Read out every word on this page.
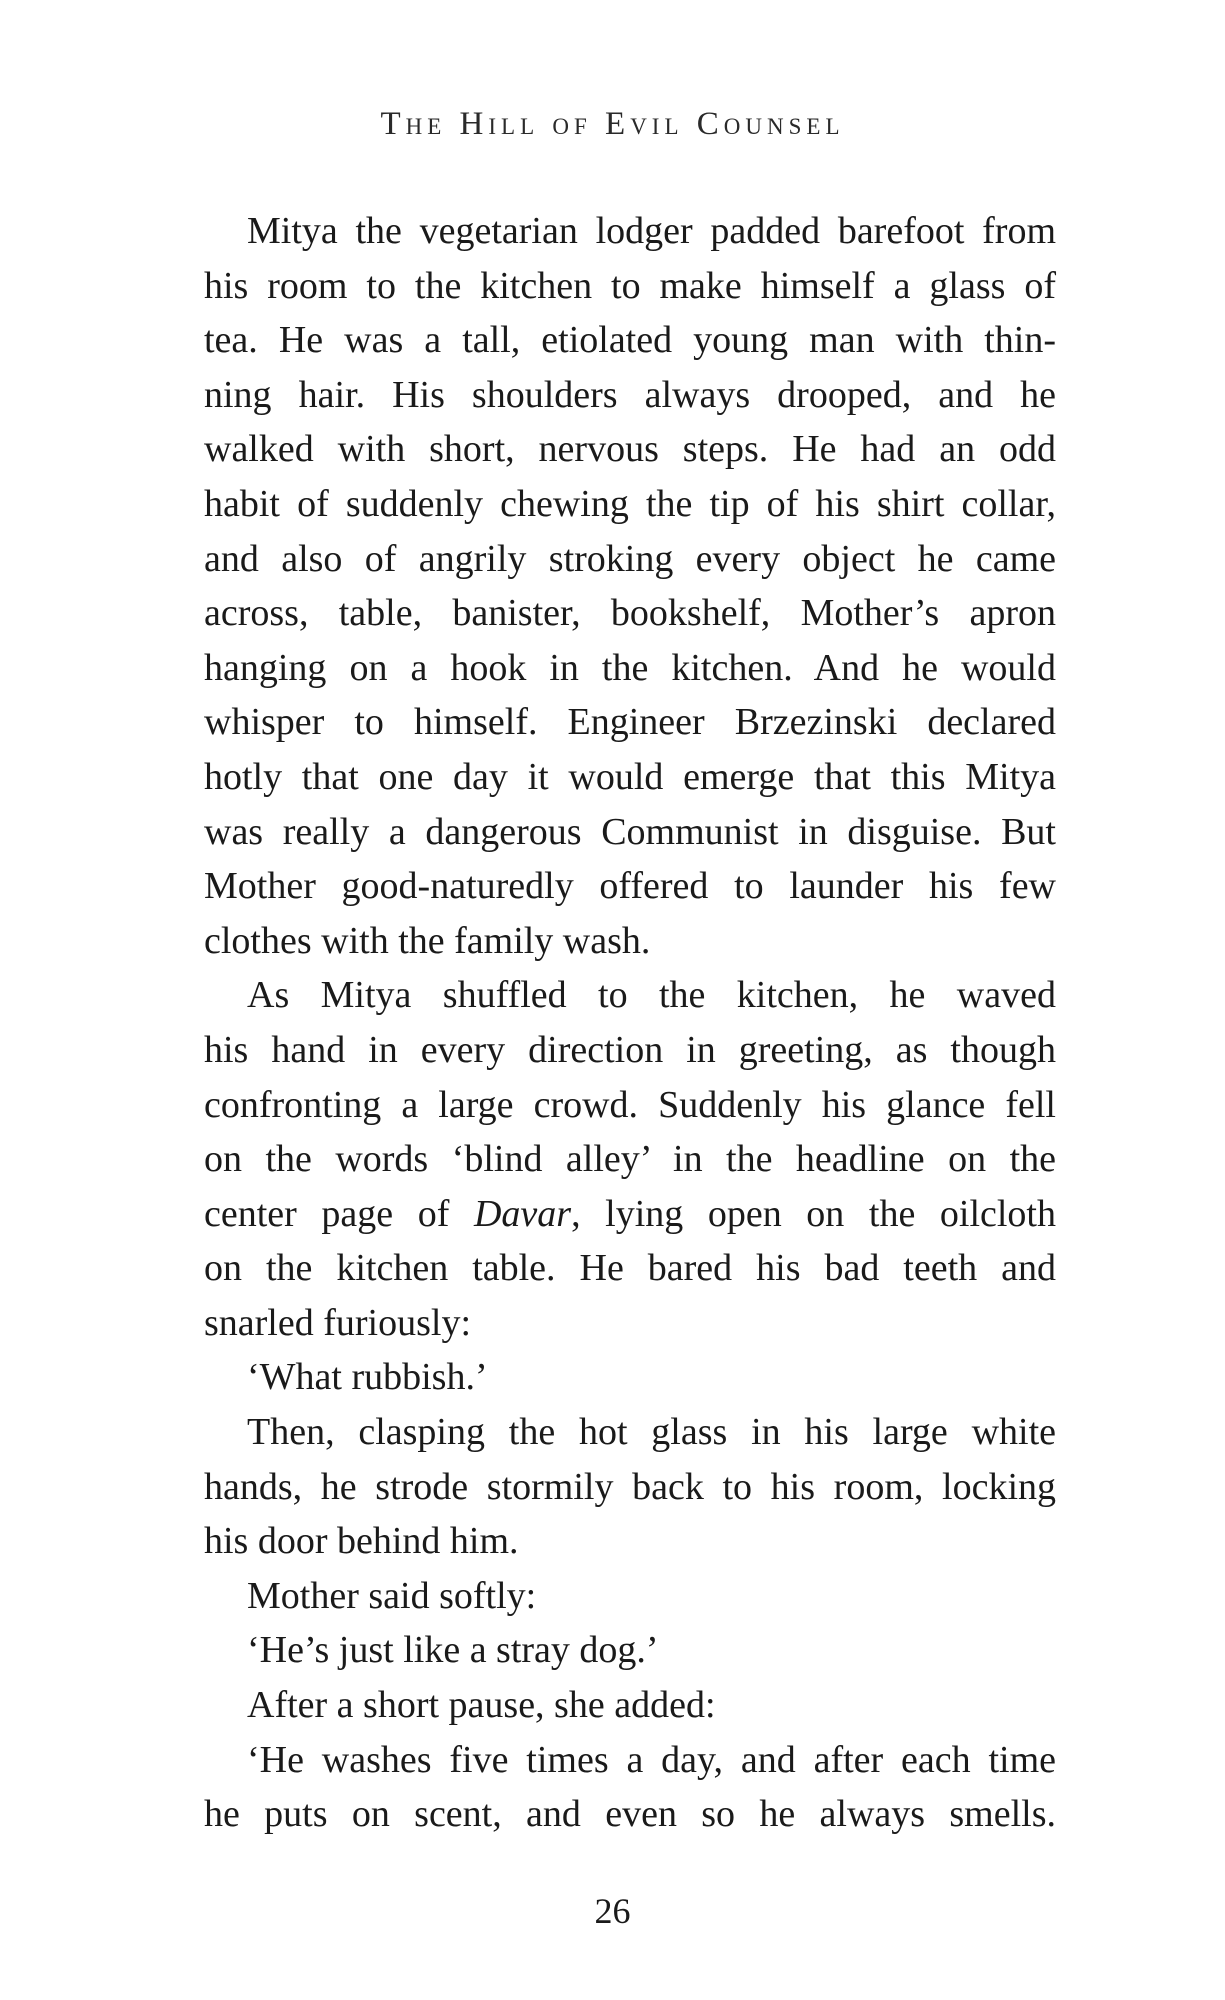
The Hill of Evil Counsel
Mitya the vegetarian lodger padded barefoot from
his room to the kitchen to make himself a glass of
tea. He was a tall, etiolated young man with thin-
ning hair. His shoulders always drooped, and he
walked with short, nervous steps. He had an odd
habit of suddenly chewing the tip of his shirt collar,
and also of angrily stroking every object he came
across, table, banister, bookshelf, Mother’s apron
hanging on a hook in the kitchen. And he would
whisper to himself. Engineer Brzezinski declared
hotly that one day it would emerge that this Mitya
was really a dangerous Communist in disguise. But
Mother good-naturedly offered to launder his few
clothes with the family wash.
As Mitya shuffled to the kitchen, he waved
his hand in every direction in greeting, as though
confronting a large crowd. Suddenly his glance fell
on the words ‘blind alley’ in the headline on the
center page of Davar, lying open on the oilcloth
on the kitchen table. He bared his bad teeth and
snarled furiously:
‘What rubbish.’
Then, clasping the hot glass in his large white
hands, he strode stormily back to his room, locking
his door behind him.
Mother said softly:
‘He’s just like a stray dog.’
After a short pause, she added:
‘He washes five times a day, and after each time
he puts on scent, and even so he always smells.
26
